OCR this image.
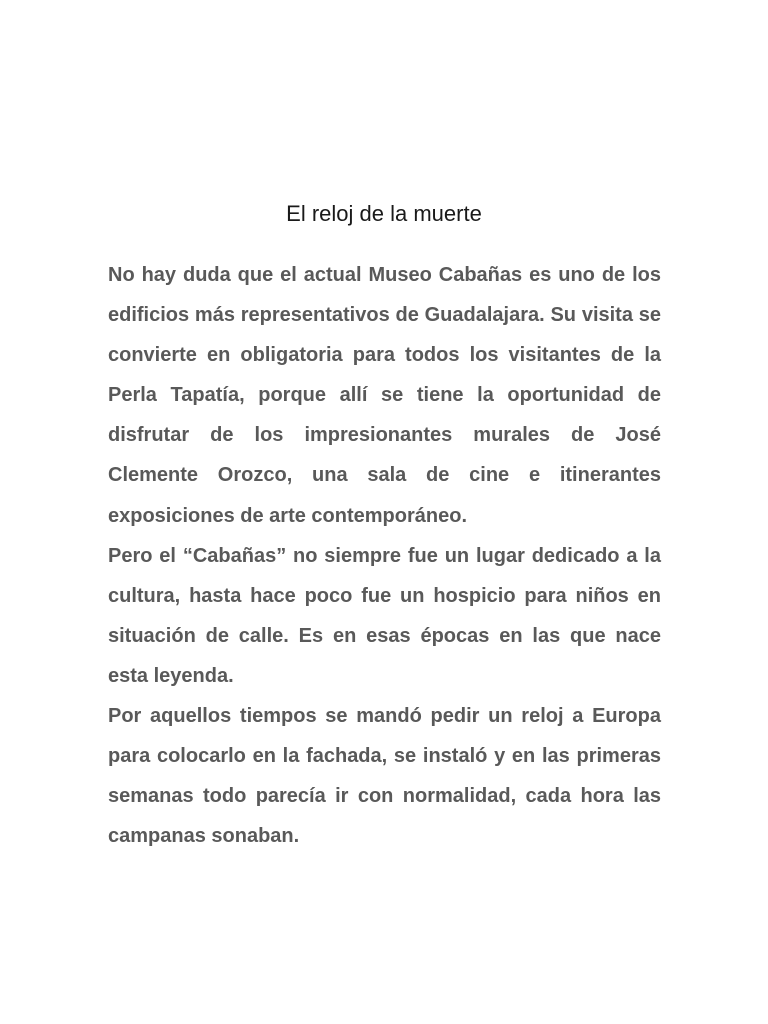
El reloj de la muerte

No hay duda que el actual Museo Cabañas es uno de los edificios más representativos de Guadalajara. Su visita se convierte en obligatoria para todos los visitantes de la Perla Tapatía, porque allí se tiene la oportunidad de disfrutar de los impresionantes murales de José Clemente Orozco, una sala de cine e itinerantes exposiciones de arte contemporáneo.

Pero el “Cabañas” no siempre fue un lugar dedicado a la cultura, hasta hace poco fue un hospicio para niños en situación de calle. Es en esas épocas en las que nace esta leyenda.

Por aquellos tiempos se mandó pedir un reloj a Europa para colocarlo en la fachada, se instaló y en las primeras semanas todo parecía ir con normalidad, cada hora las campanas sonaban.
